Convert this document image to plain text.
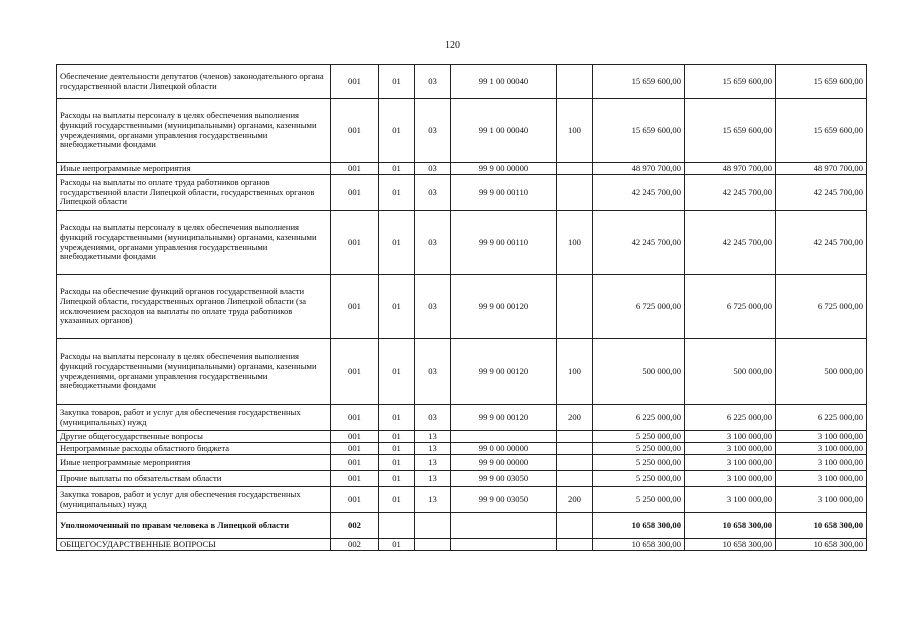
120
Обеспечение деятельности депутатов (членов) законодательного органа государственной власти Липецкой области	001	01	03	99 1 00 00040		15 659 600,00	15 659 600,00	15 659 600,00
Расходы на выплаты персоналу в целях обеспечения выполнения функций государственными (муниципальными) органами, казенными учреждениями, органами управления государственными внебюджетными фондами	001	01	03	99 1 00 00040	100	15 659 600,00	15 659 600,00	15 659 600,00
Иные непрограммные мероприятия	001	01	03	99 9 00 00000		48 970 700,00	48 970 700,00	48 970 700,00
Расходы на выплаты по оплате труда работников органов государственной власти Липецкой области, государственных органов Липецкой области	001	01	03	99 9 00 00110		42 245 700,00	42 245 700,00	42 245 700,00
Расходы на выплаты персоналу в целях обеспечения выполнения функций государственными (муниципальными) органами, казенными учреждениями, органами управления государственными внебюджетными фондами	001	01	03	99 9 00 00110	100	42 245 700,00	42 245 700,00	42 245 700,00
Расходы на обеспечение функций органов государственной власти Липецкой области, государственных органов Липецкой области (за исключением расходов на выплаты по оплате труда работников указанных органов)	001	01	03	99 9 00 00120		6 725 000,00	6 725 000,00	6 725 000,00
Расходы на выплаты персоналу в целях обеспечения выполнения функций государственными (муниципальными) органами, казенными учреждениями, органами управления государственными внебюджетными фондами	001	01	03	99 9 00 00120	100	500 000,00	500 000,00	500 000,00
Закупка товаров, работ и услуг для обеспечения государственных (муниципальных) нужд	001	01	03	99 9 00 00120	200	6 225 000,00	6 225 000,00	6 225 000,00
Другие общегосударственные вопросы	001	01	13			5 250 000,00	3 100 000,00	3 100 000,00
Непрограммные расходы областного бюджета	001	01	13	99 0 00 00000		5 250 000,00	3 100 000,00	3 100 000,00
Иные непрограммные мероприятия	001	01	13	99 9 00 00000		5 250 000,00	3 100 000,00	3 100 000,00
Прочие выплаты по обязательствам области	001	01	13	99 9 00 03050		5 250 000,00	3 100 000,00	3 100 000,00
Закупка товаров, работ и услуг для обеспечения государственных (муниципальных) нужд	001	01	13	99 9 00 03050	200	5 250 000,00	3 100 000,00	3 100 000,00
Уполномоченный по правам человека в Липецкой области	002					10 658 300,00	10 658 300,00	10 658 300,00
ОБЩЕГОСУДАРСТВЕННЫЕ ВОПРОСЫ	002	01				10 658 300,00	10 658 300,00	10 658 300,00
